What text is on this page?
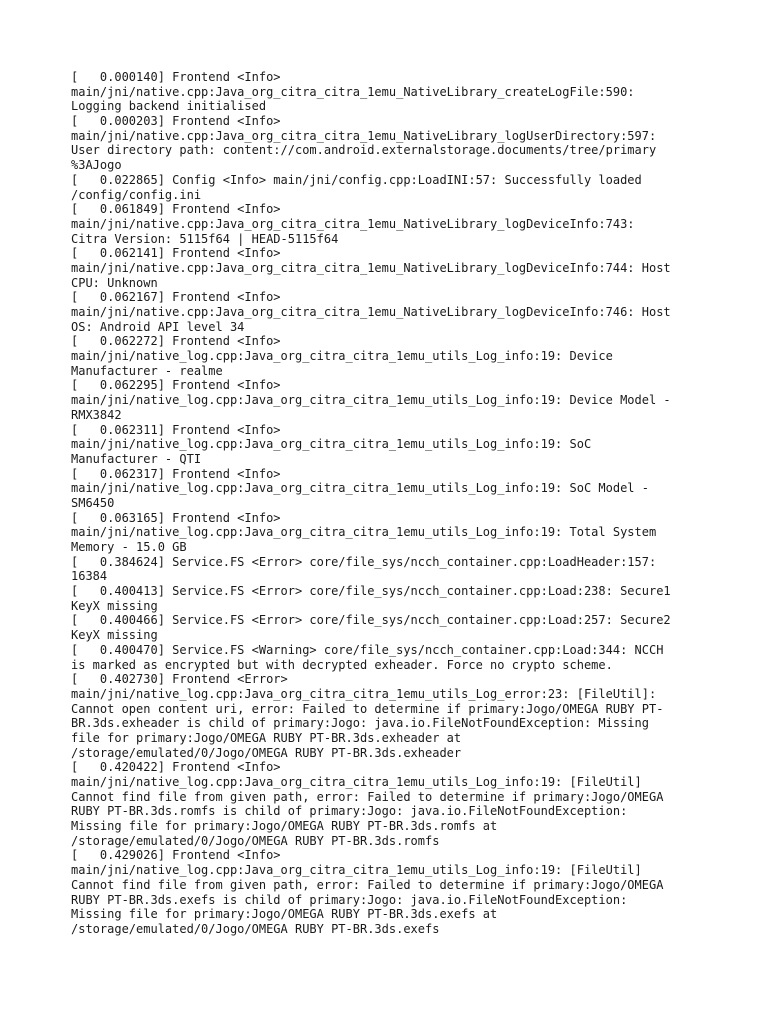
[   0.000140] Frontend <Info>
main/jni/native.cpp:Java_org_citra_citra_1emu_NativeLibrary_createLogFile:590:
Logging backend initialised
[   0.000203] Frontend <Info>
main/jni/native.cpp:Java_org_citra_citra_1emu_NativeLibrary_logUserDirectory:597:
User directory path: content://com.android.externalstorage.documents/tree/primary
%3AJogo
[   0.022865] Config <Info> main/jni/config.cpp:LoadINI:57: Successfully loaded
/config/config.ini
[   0.061849] Frontend <Info>
main/jni/native.cpp:Java_org_citra_citra_1emu_NativeLibrary_logDeviceInfo:743:
Citra Version: 5115f64 | HEAD-5115f64
[   0.062141] Frontend <Info>
main/jni/native.cpp:Java_org_citra_citra_1emu_NativeLibrary_logDeviceInfo:744: Host
CPU: Unknown
[   0.062167] Frontend <Info>
main/jni/native.cpp:Java_org_citra_citra_1emu_NativeLibrary_logDeviceInfo:746: Host
OS: Android API level 34
[   0.062272] Frontend <Info>
main/jni/native_log.cpp:Java_org_citra_citra_1emu_utils_Log_info:19: Device
Manufacturer - realme
[   0.062295] Frontend <Info>
main/jni/native_log.cpp:Java_org_citra_citra_1emu_utils_Log_info:19: Device Model -
RMX3842
[   0.062311] Frontend <Info>
main/jni/native_log.cpp:Java_org_citra_citra_1emu_utils_Log_info:19: SoC
Manufacturer - QTI
[   0.062317] Frontend <Info>
main/jni/native_log.cpp:Java_org_citra_citra_1emu_utils_Log_info:19: SoC Model -
SM6450
[   0.063165] Frontend <Info>
main/jni/native_log.cpp:Java_org_citra_citra_1emu_utils_Log_info:19: Total System
Memory - 15.0 GB
[   0.384624] Service.FS <Error> core/file_sys/ncch_container.cpp:LoadHeader:157:
16384
[   0.400413] Service.FS <Error> core/file_sys/ncch_container.cpp:Load:238: Secure1
KeyX missing
[   0.400466] Service.FS <Error> core/file_sys/ncch_container.cpp:Load:257: Secure2
KeyX missing
[   0.400470] Service.FS <Warning> core/file_sys/ncch_container.cpp:Load:344: NCCH
is marked as encrypted but with decrypted exheader. Force no crypto scheme.
[   0.402730] Frontend <Error>
main/jni/native_log.cpp:Java_org_citra_citra_1emu_utils_Log_error:23: [FileUtil]:
Cannot open content uri, error: Failed to determine if primary:Jogo/OMEGA RUBY PT-
BR.3ds.exheader is child of primary:Jogo: java.io.FileNotFoundException: Missing
file for primary:Jogo/OMEGA RUBY PT-BR.3ds.exheader at
/storage/emulated/0/Jogo/OMEGA RUBY PT-BR.3ds.exheader
[   0.420422] Frontend <Info>
main/jni/native_log.cpp:Java_org_citra_citra_1emu_utils_Log_info:19: [FileUtil]
Cannot find file from given path, error: Failed to determine if primary:Jogo/OMEGA
RUBY PT-BR.3ds.romfs is child of primary:Jogo: java.io.FileNotFoundException:
Missing file for primary:Jogo/OMEGA RUBY PT-BR.3ds.romfs at
/storage/emulated/0/Jogo/OMEGA RUBY PT-BR.3ds.romfs
[   0.429026] Frontend <Info>
main/jni/native_log.cpp:Java_org_citra_citra_1emu_utils_Log_info:19: [FileUtil]
Cannot find file from given path, error: Failed to determine if primary:Jogo/OMEGA
RUBY PT-BR.3ds.exefs is child of primary:Jogo: java.io.FileNotFoundException:
Missing file for primary:Jogo/OMEGA RUBY PT-BR.3ds.exefs at
/storage/emulated/0/Jogo/OMEGA RUBY PT-BR.3ds.exefs
